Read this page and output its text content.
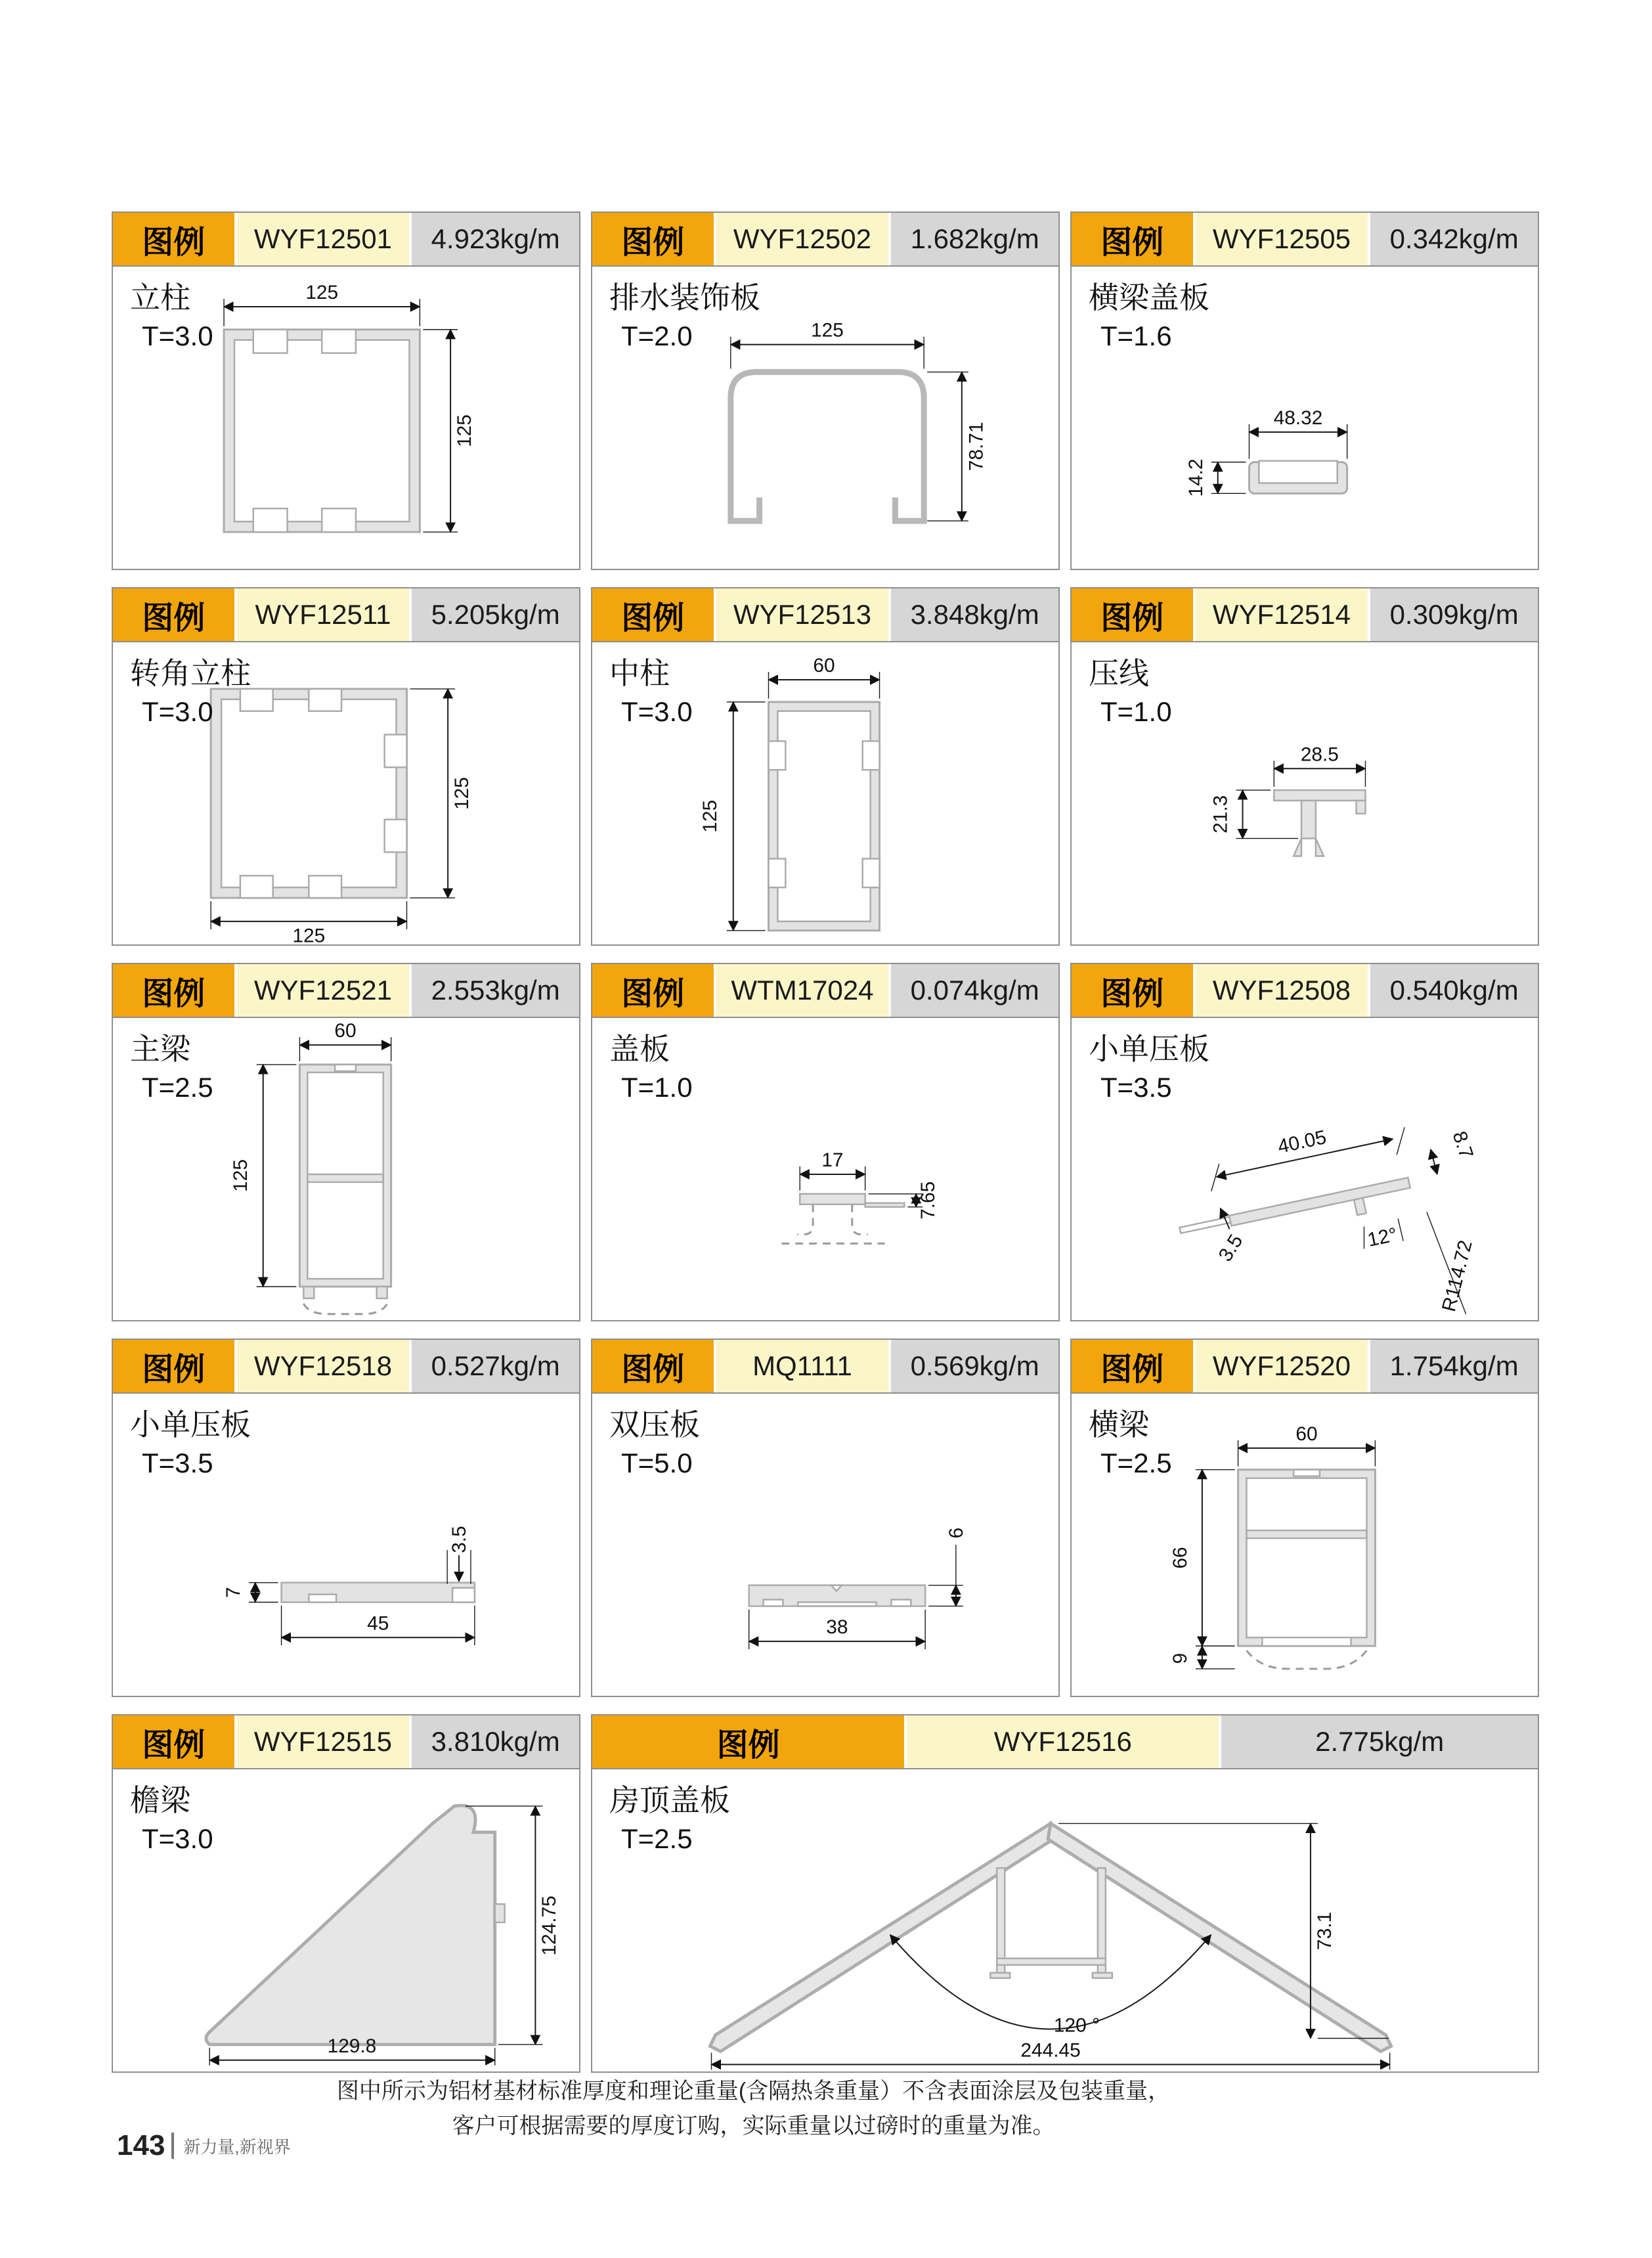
图例	WYF12501	4.923kg/m
立柱
T=3.0
125
125
图例	WYF12502	1.682kg/m
排水装饰板
T=2.0	125
78.71
图例	WYF12505	0.342kg/m
横梁盖板
T=1.6
48.32
14.2
图例	WYF12511	5.205kg/m
转角立柱
T=3.0
125
125
图例	WYF12513	3.848kg/m
中柱
T=3.0
60
125
图例	WYF12514	0.309kg/m
压线
T=1.0
28.5
21.3
图例	WYF12521	2.553kg/m
主梁
T=2.5
60
125
图例	WTM17024	0.074kg/m
盖板
T=1.0
17
7.65
图例	WYF12508	0.540kg/m
小单压板
T=3.5
40.05	8.7
12°
3.5	R114.72
图例	WYF12518	0.527kg/m
小单压板
T=3.5
7
3.5
45
图例	MQ1111	0.569kg/m
双压板
T=5.0
6
38
图例	WYF12520	1.754kg/m
横梁
T=2.5
60
66
9
图例	WYF12515	3.810kg/m
檐梁
T=3.0
124.75
129.8
图例	WYF12516	2.775kg/m
房顶盖板
T=2.5
120 °
73.1
244.45
图中所示为铝材基材标准厚度和理论重量(含隔热条重量）不含表面涂层及包装重量，
客户可根据需要的厚度订购，实际重量以过磅时的重量为准。
143 新力量,新视界
